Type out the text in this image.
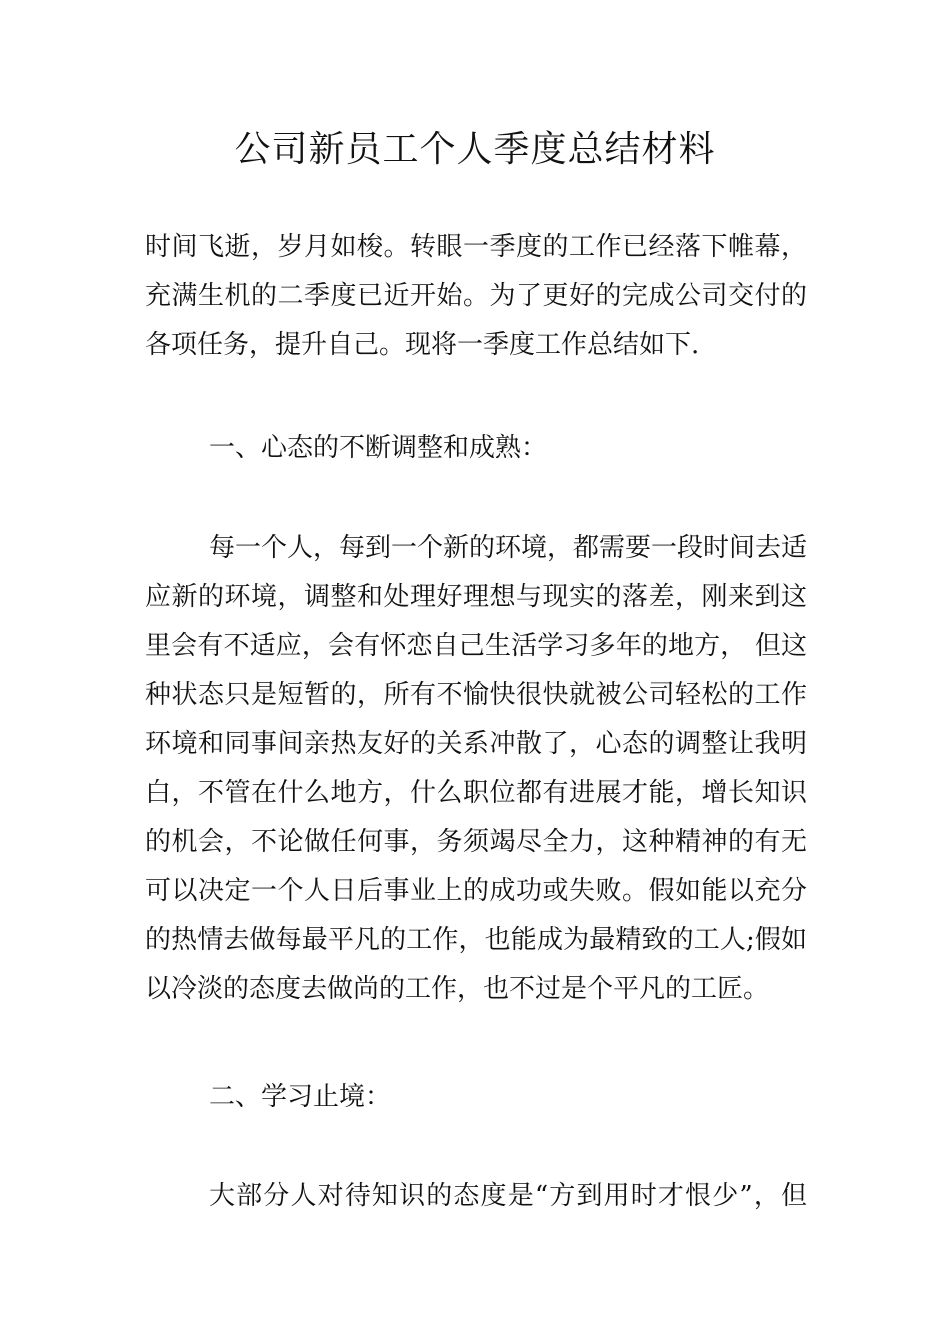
公司新员工个人季度总结材料
时间飞逝，岁月如梭。转眼一季度的工作已经落下帷幕，
充满生机的二季度已近开始。为了更好的完成公司交付的
各项任务，提升自己。现将一季度工作总结如下.
一、心态的不断调整和成熟：
每一个人，每到一个新的环境，都需要一段时间去适
应新的环境，调整和处理好理想与现实的落差，刚来到这
里会有不适应，会有怀恋自己生活学习多年的地方， 但这
种状态只是短暂的，所有不愉快很快就被公司轻松的工作
环境和同事间亲热友好的关系冲散了，心态的调整让我明
白，不管在什么地方，什么职位都有进展才能，增长知识
的机会，不论做任何事，务须竭尽全力，这种精神的有无
可以决定一个人日后事业上的成功或失败。假如能以充分
的热情去做每最平凡的工作，也能成为最精致的工人;假如
以冷淡的态度去做尚的工作，也不过是个平凡的工匠。
二、学习止境：
大部分人对待知识的态度是“方到用时才恨少”，但
